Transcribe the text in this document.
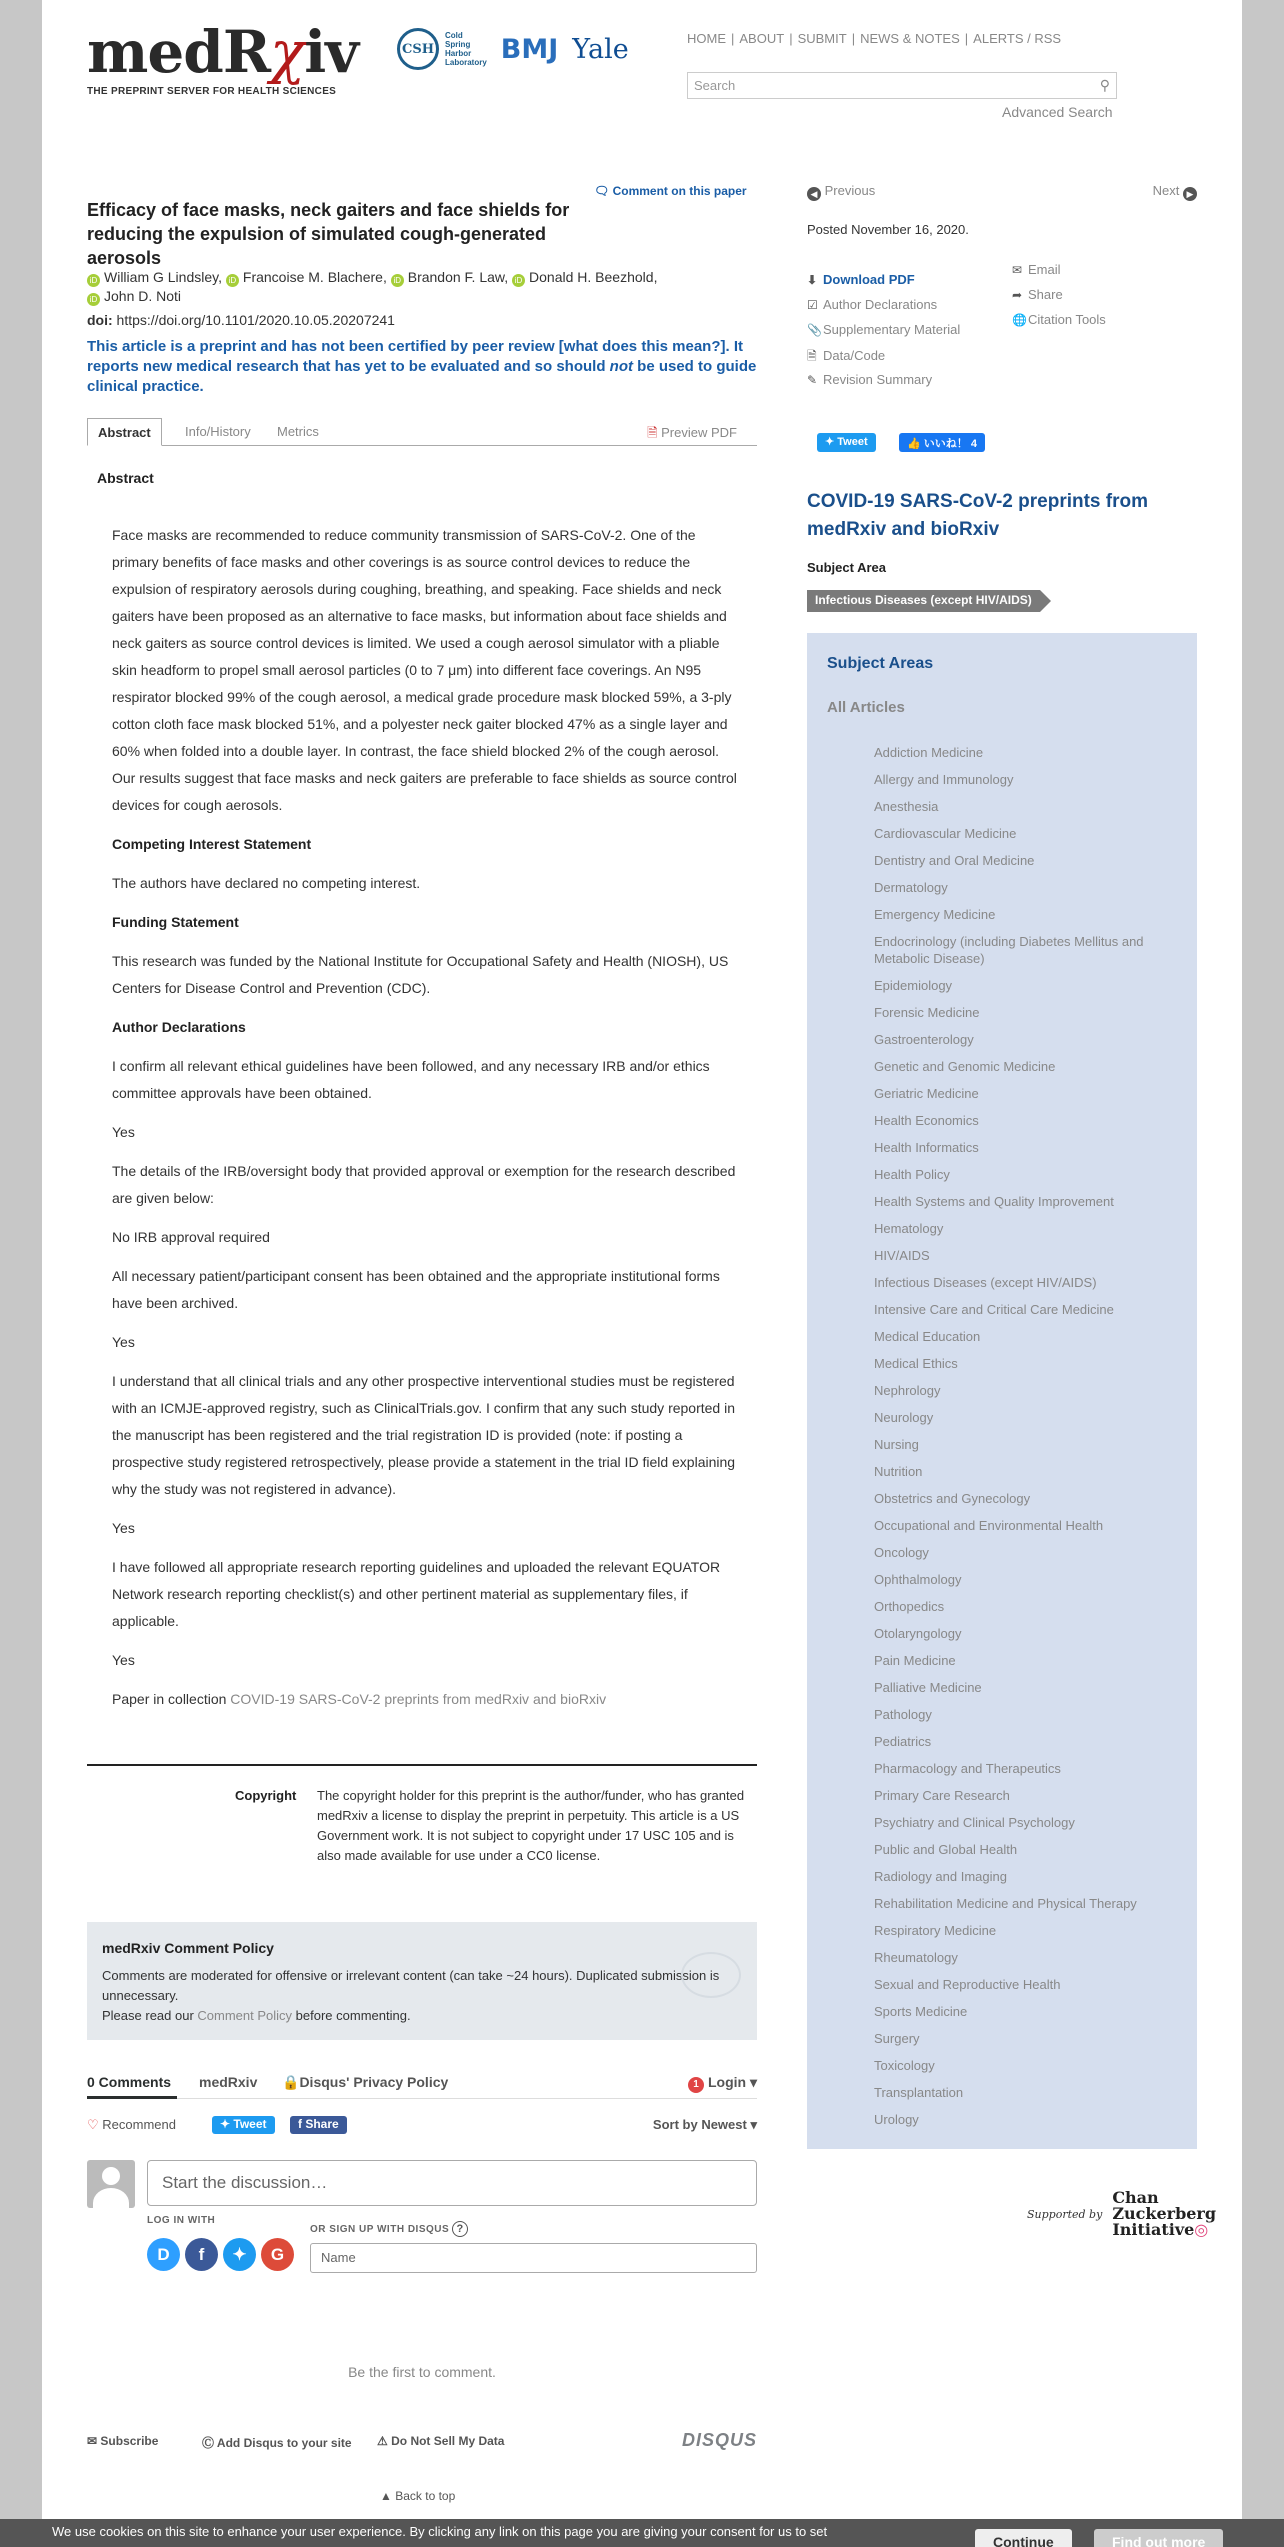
medRχiv
THE PREPRINT SERVER FOR HEALTH SCIENCES
CSH
Cold
Spring
Harbor
Laboratory BMJ Yale	HOME | ABOUT | SUBMIT | NEWS & NOTES | ALERTS / RSS
Search	⚲
Advanced Search
🗨 Comment on this paper
Efficacy of face masks, neck gaiters and face shields for reducing the expulsion of simulated cough-generated aerosols
iD William G Lindsley, iD Francoise M. Blachere, iD Brandon F. Law, iD Donald H. Beezhold,
iD John D. Noti
doi: https://doi.org/10.1101/2020.10.05.20207241
This article is a preprint and has not been certified by peer review [what does this mean?]. It reports new medical research that has yet to be evaluated and so should not be used to guide clinical practice.
Abstract	Info/History	Metrics	🗎 Preview PDF
Abstract

Face masks are recommended to reduce community transmission of SARS-CoV-2. One of the primary benefits of face masks and other coverings is as source control devices to reduce the expulsion of respiratory aerosols during coughing, breathing, and speaking. Face shields and neck gaiters have been proposed as an alternative to face masks, but information about face shields and neck gaiters as source control devices is limited. We used a cough aerosol simulator with a pliable skin headform to propel small aerosol particles (0 to 7 μm) into different face coverings. An N95 respirator blocked 99% of the cough aerosol, a medical grade procedure mask blocked 59%, a 3-ply cotton cloth face mask blocked 51%, and a polyester neck gaiter blocked 47% as a single layer and 60% when folded into a double layer. In contrast, the face shield blocked 2% of the cough aerosol. Our results suggest that face masks and neck gaiters are preferable to face shields as source control devices for cough aerosols.

Competing Interest Statement

The authors have declared no competing interest.

Funding Statement

This research was funded by the National Institute for Occupational Safety and Health (NIOSH), US Centers for Disease Control and Prevention (CDC).

Author Declarations

I confirm all relevant ethical guidelines have been followed, and any necessary IRB and/or ethics committee approvals have been obtained.

Yes

The details of the IRB/oversight body that provided approval or exemption for the research described are given below:

No IRB approval required

All necessary patient/participant consent has been obtained and the appropriate institutional forms have been archived.

Yes

I understand that all clinical trials and any other prospective interventional studies must be registered with an ICMJE-approved registry, such as ClinicalTrials.gov. I confirm that any such study reported in the manuscript has been registered and the trial registration ID is provided (note: if posting a prospective study registered retrospectively, please provide a statement in the trial ID field explaining why the study was not registered in advance).

Yes

I have followed all appropriate research reporting guidelines and uploaded the relevant EQUATOR Network research reporting checklist(s) and other pertinent material as supplementary files, if applicable.

Yes

Paper in collection COVID-19 SARS-CoV-2 preprints from medRxiv and bioRxiv

Copyright The copyright holder for this preprint is the author/funder, who has granted medRxiv a license to display the preprint in perpetuity. This article is a US Government work. It is not subject to copyright under 17 USC 105 and is also made available for use under a CC0 license.
medRxiv Comment Policy
Comments are moderated for offensive or irrelevant content (can take ~24 hours). Duplicated submission is unnecessary.
Please read our Comment Policy before commenting.
0 Comments medRxiv 🔒Disqus' Privacy Policy	1 Login ▾
♡ Recommend	✦ Tweet	f Share	Sort by Newest ▾
Start the discussion…
LOG IN WITH
OR SIGN UP WITH DISQUS ?
D	f	✦	G	Name
Be the first to comment.
✉ Subscribe	Ⓒ Add Disqus to your site ⚠ Do Not Sell My Data	DISQUS
▲ Back to top
◀ Previous	Next ▶
Posted November 16, 2020.
⬇ Download PDF
☑ Author Declarations
📎Supplementary Material
🗎 Data/Code
✎ Revision Summary
✉ Email
➦ Share
🌐Citation Tools
✦ Tweet	👍 いいね！ 4
COVID-19 SARS-CoV-2 preprints from medRxiv and bioRxiv
Subject Area
Infectious Diseases (except HIV/AIDS)
Subject Areas
All Articles
Addiction Medicine
Allergy and Immunology
Anesthesia
Cardiovascular Medicine
Dentistry and Oral Medicine
Dermatology
Emergency Medicine
Endocrinology (including Diabetes Mellitus and Metabolic Disease)
Epidemiology
Forensic Medicine
Gastroenterology
Genetic and Genomic Medicine
Geriatric Medicine
Health Economics
Health Informatics
Health Policy
Health Systems and Quality Improvement
Hematology
HIV/AIDS
Infectious Diseases (except HIV/AIDS)
Intensive Care and Critical Care Medicine
Medical Education
Medical Ethics
Nephrology
Neurology
Nursing
Nutrition
Obstetrics and Gynecology
Occupational and Environmental Health
Oncology
Ophthalmology
Orthopedics
Otolaryngology
Pain Medicine
Palliative Medicine
Pathology
Pediatrics
Pharmacology and Therapeutics
Primary Care Research
Psychiatry and Clinical Psychology
Public and Global Health
Radiology and Imaging
Rehabilitation Medicine and Physical Therapy
Respiratory Medicine
Rheumatology
Sexual and Reproductive Health
Sports Medicine
Surgery
Toxicology
Transplantation
Urology
Supported by
Chan
Zuckerberg
Initiative◎
We use cookies on this site to enhance your user experience. By clicking any link on this page you are giving your consent for us to set
Continue	Find out more
